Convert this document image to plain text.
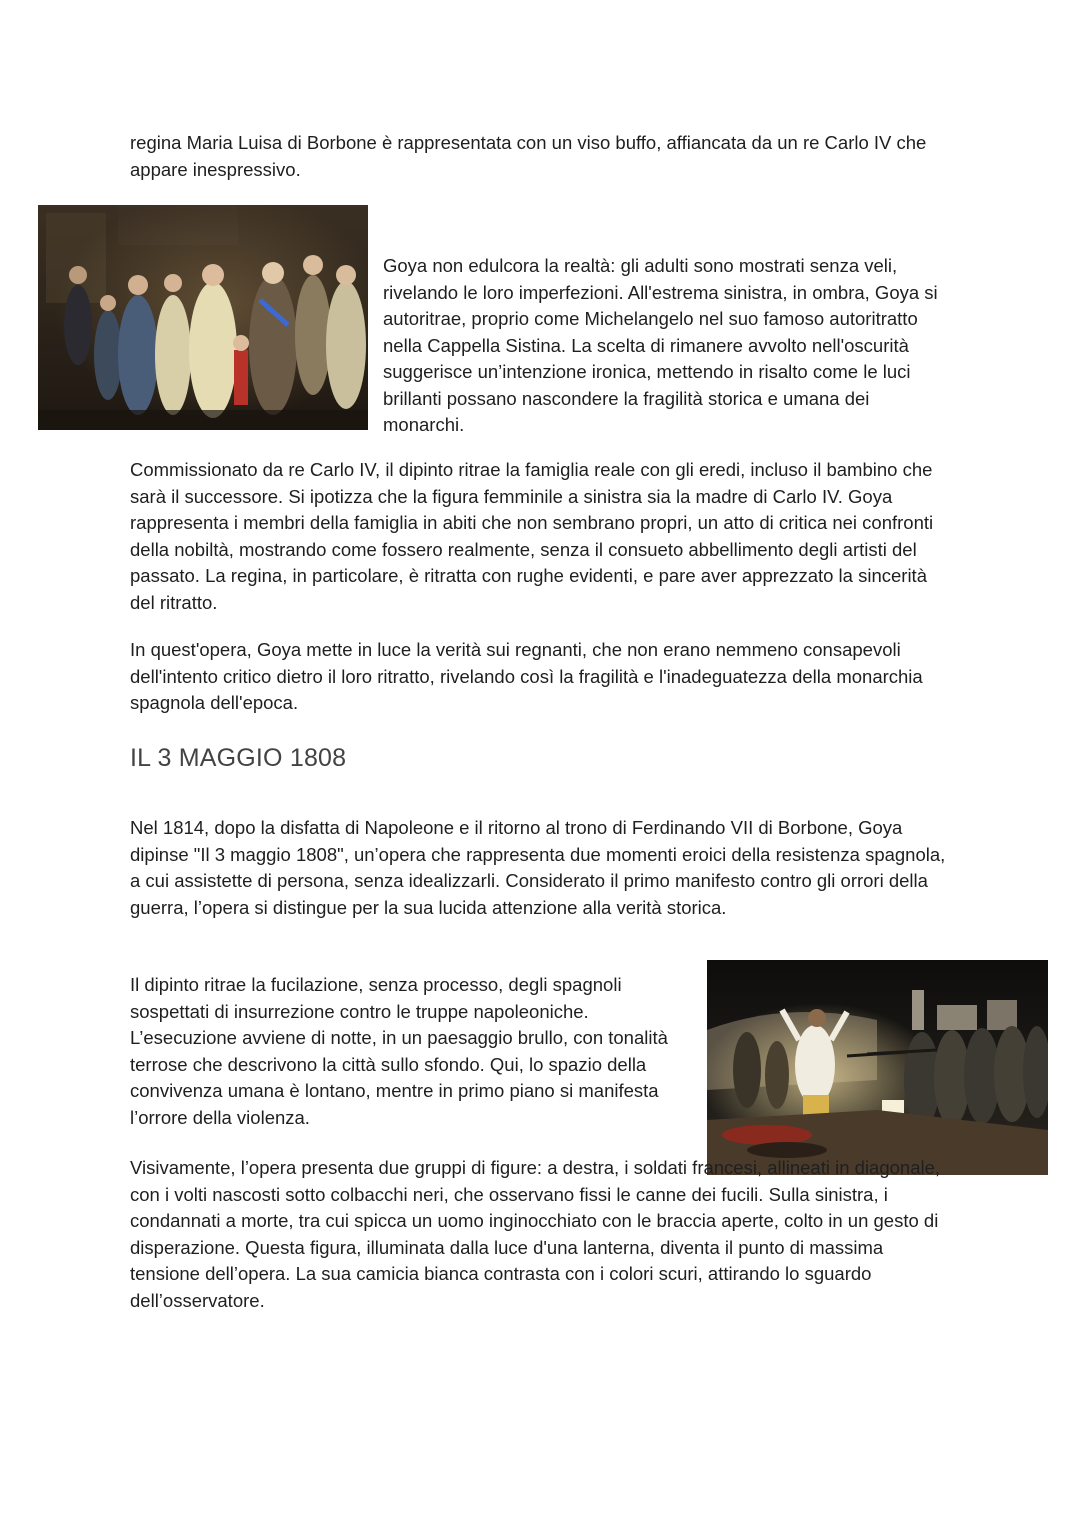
regina Maria Luisa di Borbone è rappresentata con un viso buffo, affiancata da un re Carlo IV che appare inespressivo.

Goya non edulcora la realtà: gli adulti sono mostrati senza veli, rivelando le loro imperfezioni. All'estrema sinistra, in ombra, Goya si autoritrae, proprio come Michelangelo nel suo famoso autoritratto nella Cappella Sistina. La scelta di rimanere avvolto nell'oscurità suggerisce un’intenzione ironica, mettendo in risalto come le luci brillanti possano nascondere la fragilità storica e umana dei monarchi.

Commissionato da re Carlo IV, il dipinto ritrae la famiglia reale con gli eredi, incluso il bambino che sarà il successore. Si ipotizza che la figura femminile a sinistra sia la madre di Carlo IV. Goya rappresenta i membri della famiglia in abiti che non sembrano propri, un atto di critica nei confronti della nobiltà, mostrando come fossero realmente, senza il consueto abbellimento degli artisti del passato. La regina, in particolare, è ritratta con rughe evidenti, e pare aver apprezzato la sincerità del ritratto.

In quest'opera, Goya mette in luce la verità sui regnanti, che non erano nemmeno consapevoli dell'intento critico dietro il loro ritratto, rivelando così la fragilità e l'inadeguatezza della monarchia spagnola dell'epoca.

IL 3 MAGGIO 1808

Nel 1814, dopo la disfatta di Napoleone e il ritorno al trono di Ferdinando VII di Borbone, Goya dipinse "Il 3 maggio 1808", un’opera che rappresenta due momenti eroici della resistenza spagnola, a cui assistette di persona, senza idealizzarli. Considerato il primo manifesto contro gli orrori della guerra, l’opera si distingue per la sua lucida attenzione alla verità storica.

Il dipinto ritrae la fucilazione, senza processo, degli spagnoli sospettati di insurrezione contro le truppe napoleoniche. L’esecuzione avviene di notte, in un paesaggio brullo, con tonalità terrose che descrivono la città sullo sfondo. Qui, lo spazio della convivenza umana è lontano, mentre in primo piano si manifesta l’orrore della violenza.

Visivamente, l’opera presenta due gruppi di figure: a destra, i soldati francesi, allineati in diagonale, con i volti nascosti sotto colbacchi neri, che osservano fissi le canne dei fucili. Sulla sinistra, i condannati a morte, tra cui spicca un uomo inginocchiato con le braccia aperte, colto in un gesto di disperazione. Questa figura, illuminata dalla luce d'una lanterna, diventa il punto di massima tensione dell’opera. La sua camicia bianca contrasta con i colori scuri, attirando lo sguardo dell’osservatore.
